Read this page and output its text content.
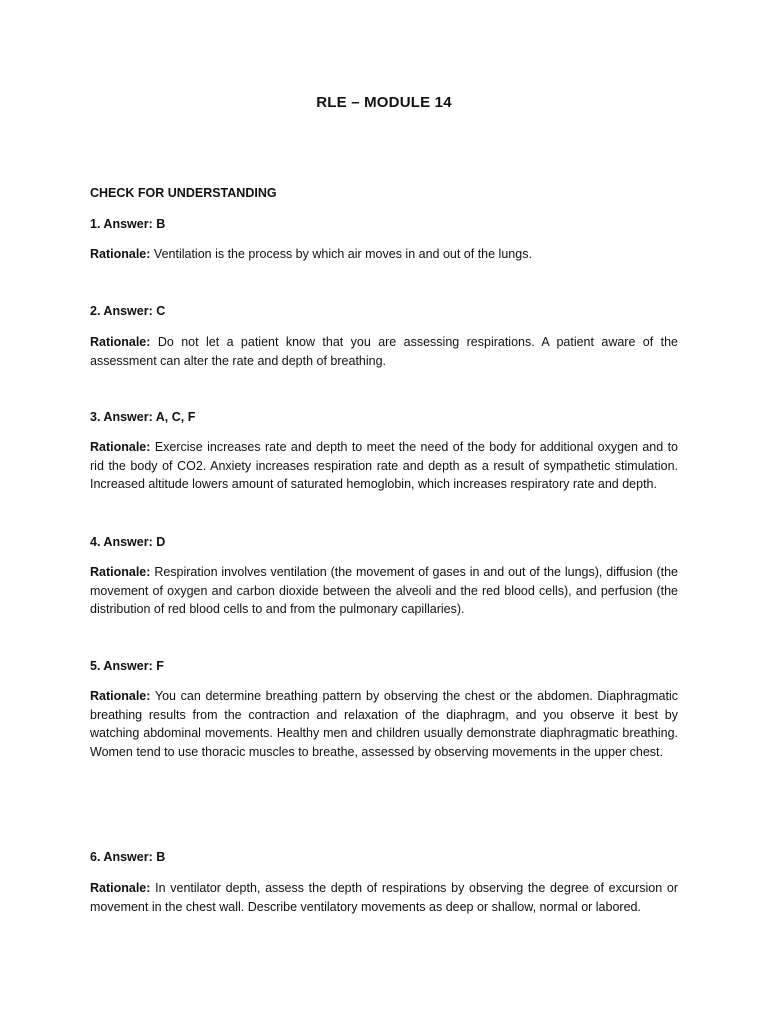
RLE – MODULE 14
CHECK FOR UNDERSTANDING
1. Answer: B
Rationale: Ventilation is the process by which air moves in and out of the lungs.
2. Answer: C
Rationale: Do not let a patient know that you are assessing respirations. A patient aware of the assessment can alter the rate and depth of breathing.
3. Answer: A, C, F
Rationale: Exercise increases rate and depth to meet the need of the body for additional oxygen and to rid the body of CO2. Anxiety increases respiration rate and depth as a result of sympathetic stimulation. Increased altitude lowers amount of saturated hemoglobin, which increases respiratory rate and depth.
4. Answer: D
Rationale: Respiration involves ventilation (the movement of gases in and out of the lungs), diffusion (the movement of oxygen and carbon dioxide between the alveoli and the red blood cells), and perfusion (the distribution of red blood cells to and from the pulmonary capillaries).
5. Answer: F
Rationale: You can determine breathing pattern by observing the chest or the abdomen. Diaphragmatic breathing results from the contraction and relaxation of the diaphragm, and you observe it best by watching abdominal movements. Healthy men and children usually demonstrate diaphragmatic breathing. Women tend to use thoracic muscles to breathe, assessed by observing movements in the upper chest.
6. Answer: B
Rationale: In ventilator depth, assess the depth of respirations by observing the degree of excursion or movement in the chest wall. Describe ventilatory movements as deep or shallow, normal or labored.
